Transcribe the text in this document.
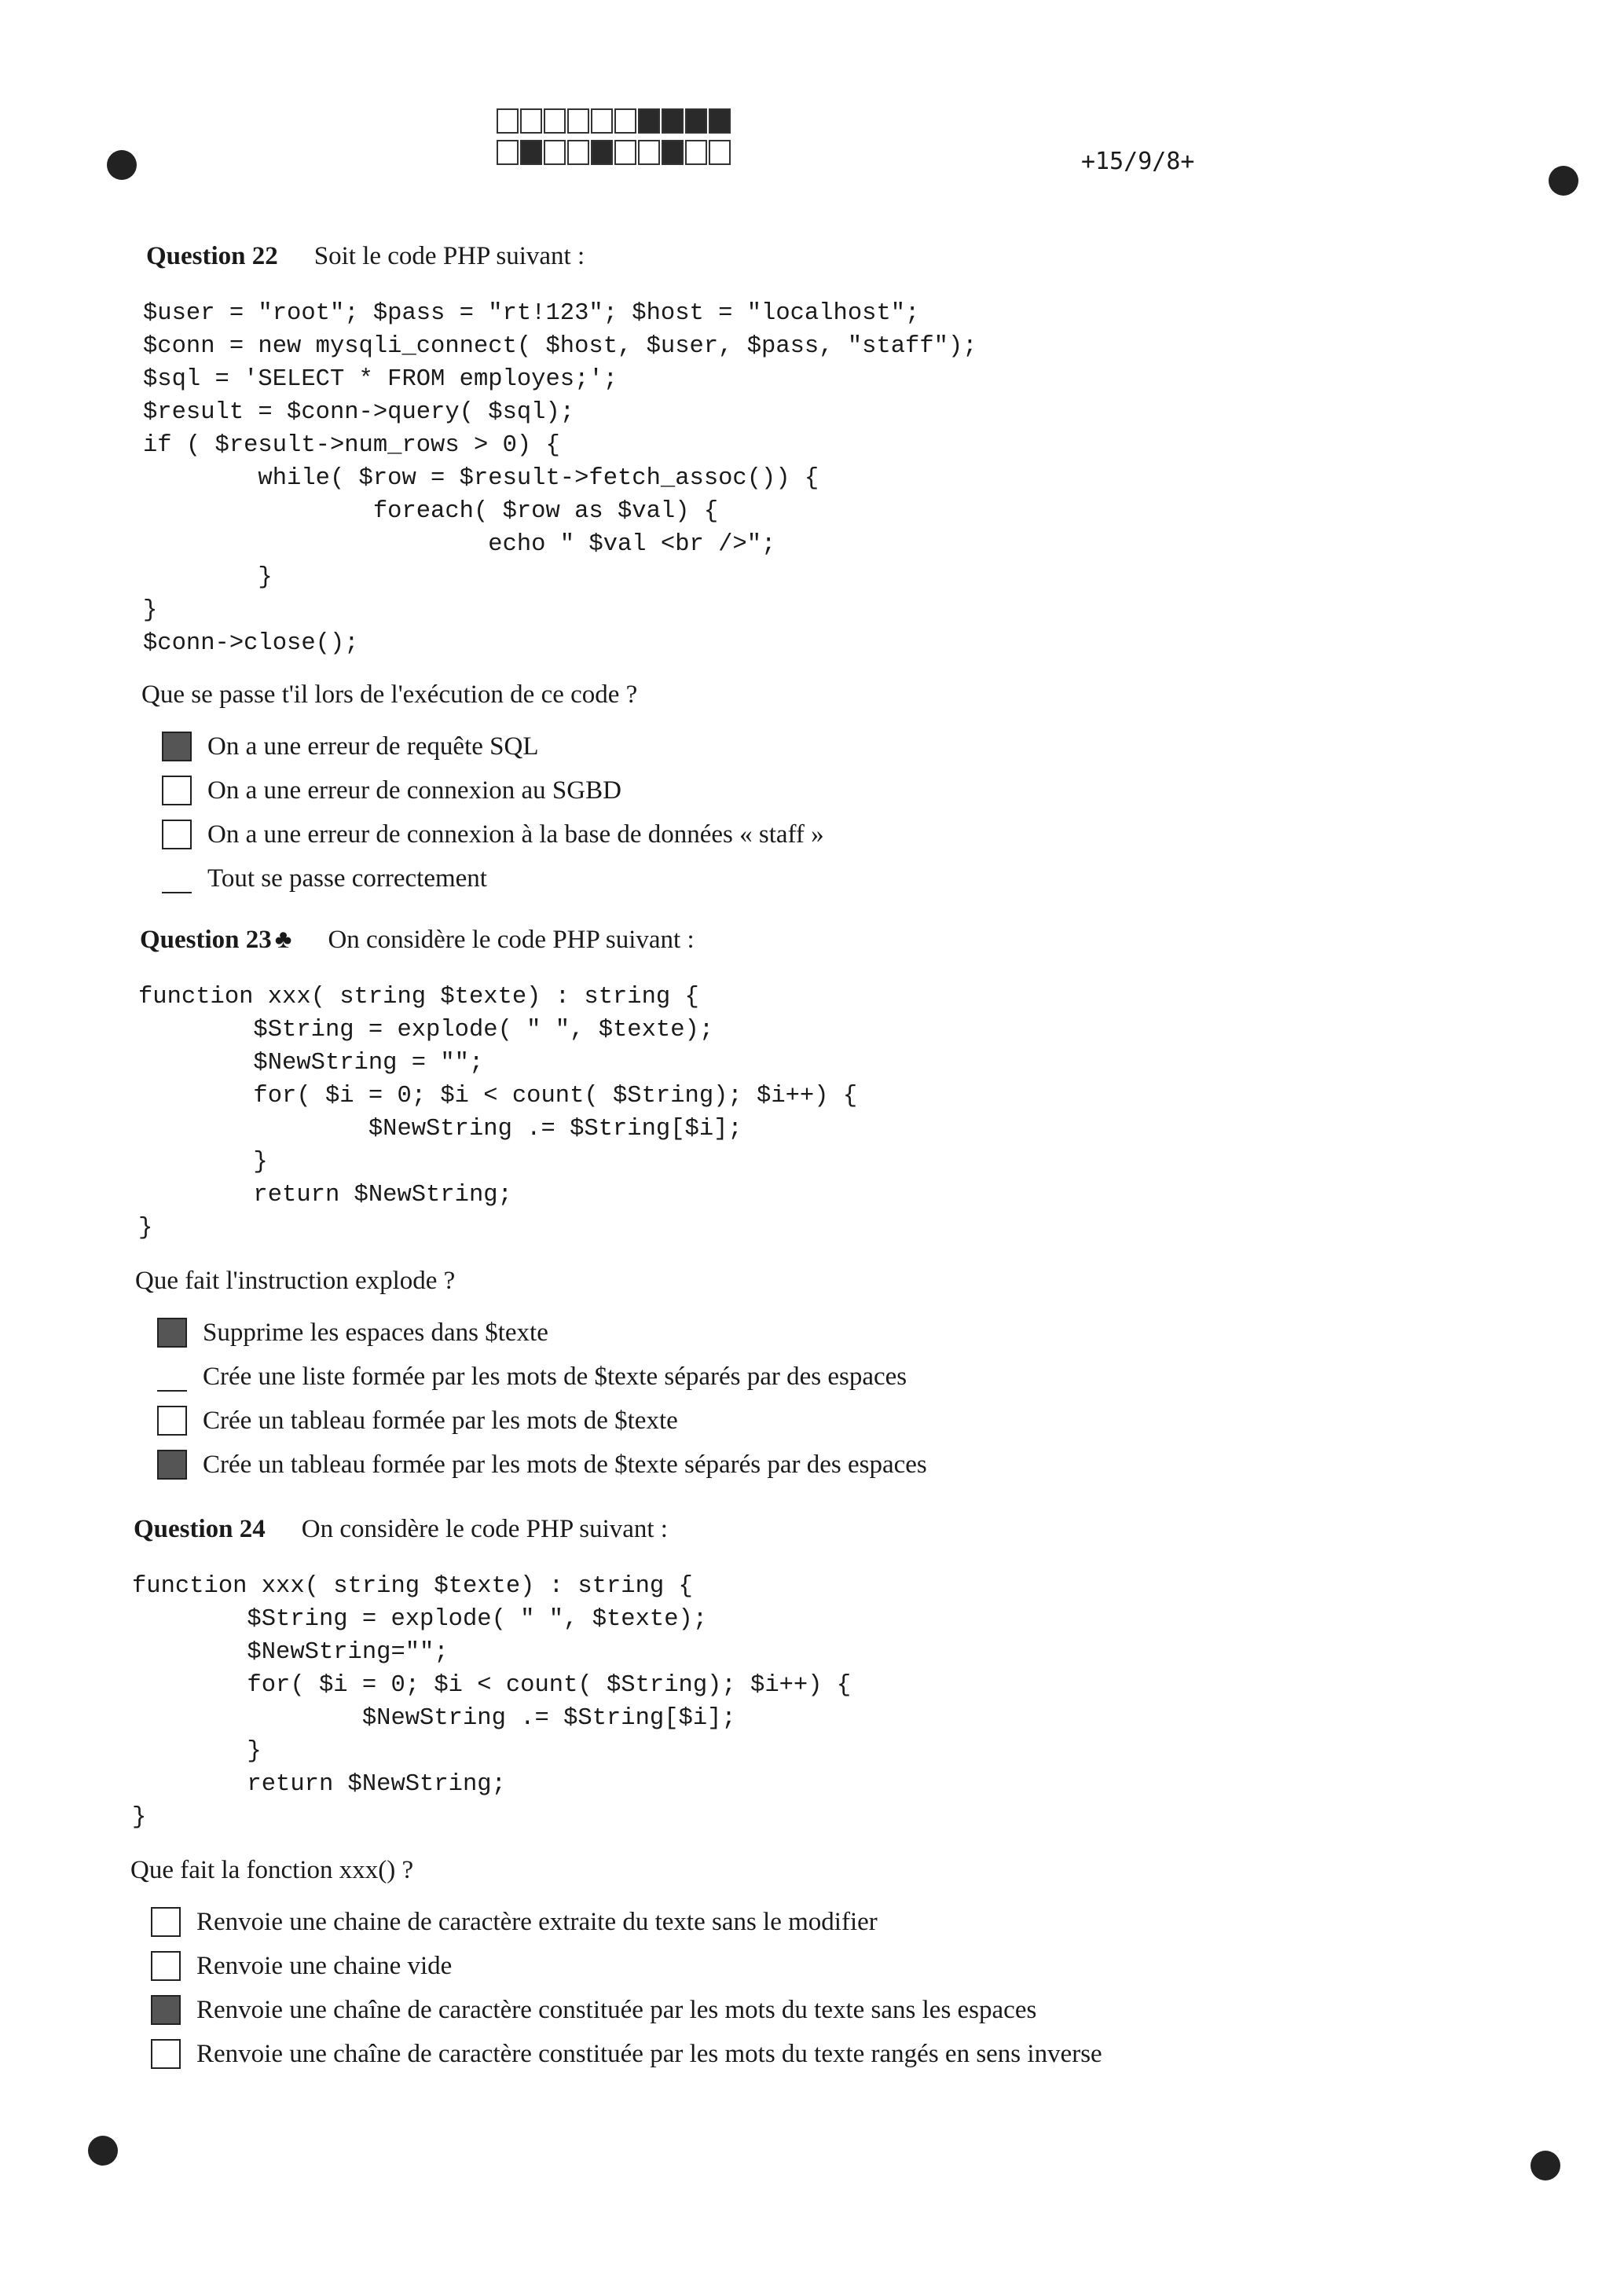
+15/9/8+
Question 22 Soit le code PHP suivant :
$user = "root"; $pass = "rt!123"; $host = "localhost";
$conn = new mysqli_connect( $host, $user, $pass, "staff");
$sql = 'SELECT * FROM employes;';
$result = $conn->query( $sql);
if ( $result->num_rows > 0) {
while( $row = $result->fetch_assoc()) {
foreach( $row as $val) {
echo " $val <br />";
}
}
$conn->close();
Que se passe t'il lors de l'exécution de ce code ?
On a une erreur de requête SQL
On a une erreur de connexion au SGBD
On a une erreur de connexion à la base de données « staff »
Tout se passe correctement
Question 23 ♣ On considère le code PHP suivant :
function xxx( string $texte) : string {
$String = explode( " ", $texte);
$NewString = "";
for( $i = 0; $i < count( $String); $i++) {
$NewString .= $String[$i];
}
return $NewString;
}
Que fait l'instruction explode ?
Supprime les espaces dans $texte
Crée une liste formée par les mots de $texte séparés par des espaces
Crée un tableau formée par les mots de $texte
Crée un tableau formée par les mots de $texte séparés par des espaces
Question 24 On considère le code PHP suivant :
function xxx( string $texte) : string {
$String = explode( " ", $texte);
$NewString="";
for( $i = 0; $i < count( $String); $i++) {
$NewString .= $String[$i];
}
return $NewString;
}
Que fait la fonction xxx() ?
Renvoie une chaine de caractère extraite du texte sans le modifier
Renvoie une chaine vide
Renvoie une chaîne de caractère constituée par les mots du texte sans les espaces
Renvoie une chaîne de caractère constituée par les mots du texte rangés en sens inverse
